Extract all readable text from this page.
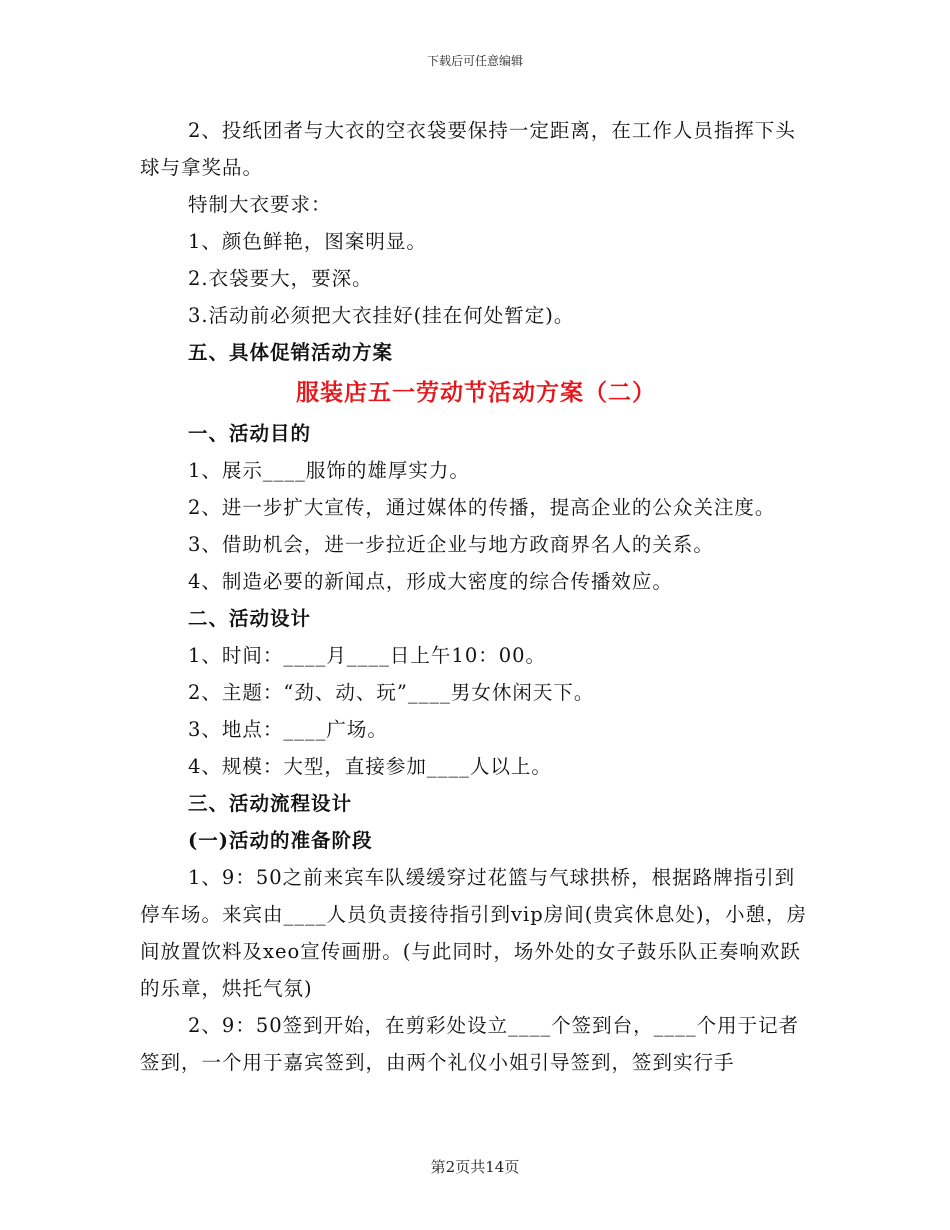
下载后可任意编辑

2、投纸团者与大衣的空衣袋要保持一定距离，在工作人员指挥下头球与拿奖品。

特制大衣要求：

1、颜色鲜艳，图案明显。

2.衣袋要大，要深。

3.活动前必须把大衣挂好(挂在何处暂定)。

五、具体促销活动方案

服装店五一劳动节活动方案（二）

一、活动目的

1、展示____服饰的雄厚实力。

2、进一步扩大宣传，通过媒体的传播，提高企业的公众关注度。

3、借助机会，进一步拉近企业与地方政商界名人的关系。

4、制造必要的新闻点，形成大密度的综合传播效应。

二、活动设计

1、时间：____月____日上午10：00。

2、主题：“劲、动、玩”____男女休闲天下。

3、地点：____广场。

4、规模：大型，直接参加____人以上。

三、活动流程设计

(一)活动的准备阶段

1、9：50之前来宾车队缓缓穿过花篮与气球拱桥，根据路牌指引到停车场。来宾由____人员负责接待指引到vip房间(贵宾休息处)，小憩，房间放置饮料及xeo宣传画册。(与此同时，场外处的女子鼓乐队正奏响欢跃的乐章，烘托气氛)

2、9：50签到开始，在剪彩处设立____个签到台，____个用于记者签到，一个用于嘉宾签到，由两个礼仪小姐引导签到，签到实行手

第2页共14页
